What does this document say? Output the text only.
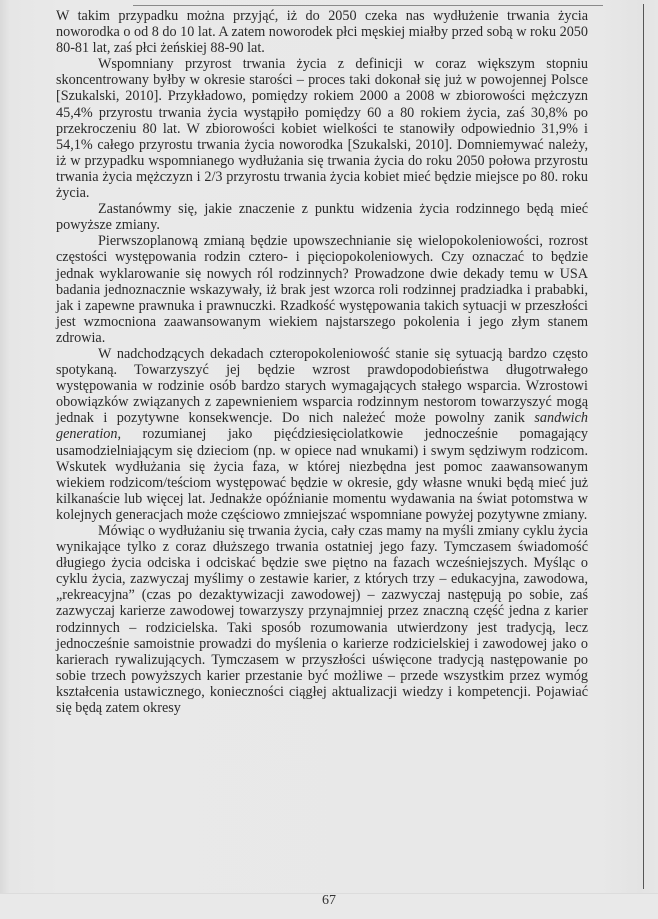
W takim przypadku można przyjąć, iż do 2050 czeka nas wydłużenie trwania życia noworodka o od 8 do 10 lat. A zatem noworodek płci męskiej miałby przed sobą w roku 2050 80-81 lat, zaś płci żeńskiej 88-90 lat.

Wspomniany przyrost trwania życia z definicji w coraz większym stopniu skoncentrowany byłby w okresie starości – proces taki dokonał się już w powojennej Polsce [Szukalski, 2010]. Przykładowo, pomiędzy rokiem 2000 a 2008 w zbiorowości mężczyzn 45,4% przyrostu trwania życia wystąpiło pomiędzy 60 a 80 rokiem życia, zaś 30,8% po przekroczeniu 80 lat. W zbiorowości kobiet wielkości te stanowiły odpowiednio 31,9% i 54,1% całego przyrostu trwania życia noworodka [Szukalski, 2010]. Domniemywać należy, iż w przypadku wspomnianego wydłużania się trwania życia do roku 2050 połowa przyrostu trwania życia mężczyzn i 2/3 przyrostu trwania życia kobiet mieć będzie miejsce po 80. roku życia.

Zastanówmy się, jakie znaczenie z punktu widzenia życia rodzinnego będą mieć powyższe zmiany.

Pierwszoplanową zmianą będzie upowszechnianie się wielopokoleniowości, rozrost częstości występowania rodzin cztero- i pięciopokoleniowych. Czy oznaczać to będzie jednak wyklarowanie się nowych ról rodzinnych? Prowadzone dwie dekady temu w USA badania jednoznacznie wskazywały, iż brak jest wzorca roli rodzinnej pradziadka i prababki, jak i zapewne prawnuka i prawnuczki. Rzadkość występowania takich sytuacji w przeszłości jest wzmocniona zaawansowanym wiekiem najstarszego pokolenia i jego złym stanem zdrowia.

W nadchodzących dekadach czteropokoleniowość stanie się sytuacją bardzo często spotykaną. Towarzyszyć jej będzie wzrost prawdopodobieństwa długotrwałego występowania w rodzinie osób bardzo starych wymagających stałego wsparcia. Wzrostowi obowiązków związanych z zapewnieniem wsparcia rodzinnym nestorom towarzyszyć mogą jednak i pozytywne konsekwencje. Do nich należeć może powolny zanik sandwich generation, rozumianej jako pięćdziesięciolatkowie jednocześnie pomagający usamodzielniającym się dzieciom (np. w opiece nad wnukami) i swym sędziwym rodzicom. Wskutek wydłużania się życia faza, w której niezbędna jest pomoc zaawansowanym wiekiem rodzicom/teściom występować będzie w okresie, gdy własne wnuki będą mieć już kilkanaście lub więcej lat. Jednakże opóźnianie momentu wydawania na świat potomstwa w kolejnych generacjach może częściowo zmniejszać wspomniane powyżej pozytywne zmiany.

Mówiąc o wydłużaniu się trwania życia, cały czas mamy na myśli zmiany cyklu życia wynikające tylko z coraz dłuższego trwania ostatniej jego fazy. Tymczasem świadomość długiego życia odciska i odciskać będzie swe piętno na fazach wcześniejszych. Myśląc o cyklu życia, zazwyczaj myślimy o zestawie karier, z których trzy – edukacyjna, zawodowa, „rekreacyjna” (czas po dezaktywizacji zawodowej) – zazwyczaj następują po sobie, zaś zazwyczaj karierze zawodowej towarzyszy przynajmniej przez znaczną część jedna z karier rodzinnych – rodzicielska. Taki sposób rozumowania utwierdzony jest tradycją, lecz jednocześnie samoistnie prowadzi do myślenia o karierze rodzicielskiej i zawodowej jako o karierach rywalizujących. Tymczasem w przyszłości uświęcone tradycją następowanie po sobie trzech powyższych karier przestanie być możliwe – przede wszystkim przez wymóg kształcenia ustawicznego, konieczności ciągłej aktualizacji wiedzy i kompetencji. Pojawiać się będą zatem okresy

67
